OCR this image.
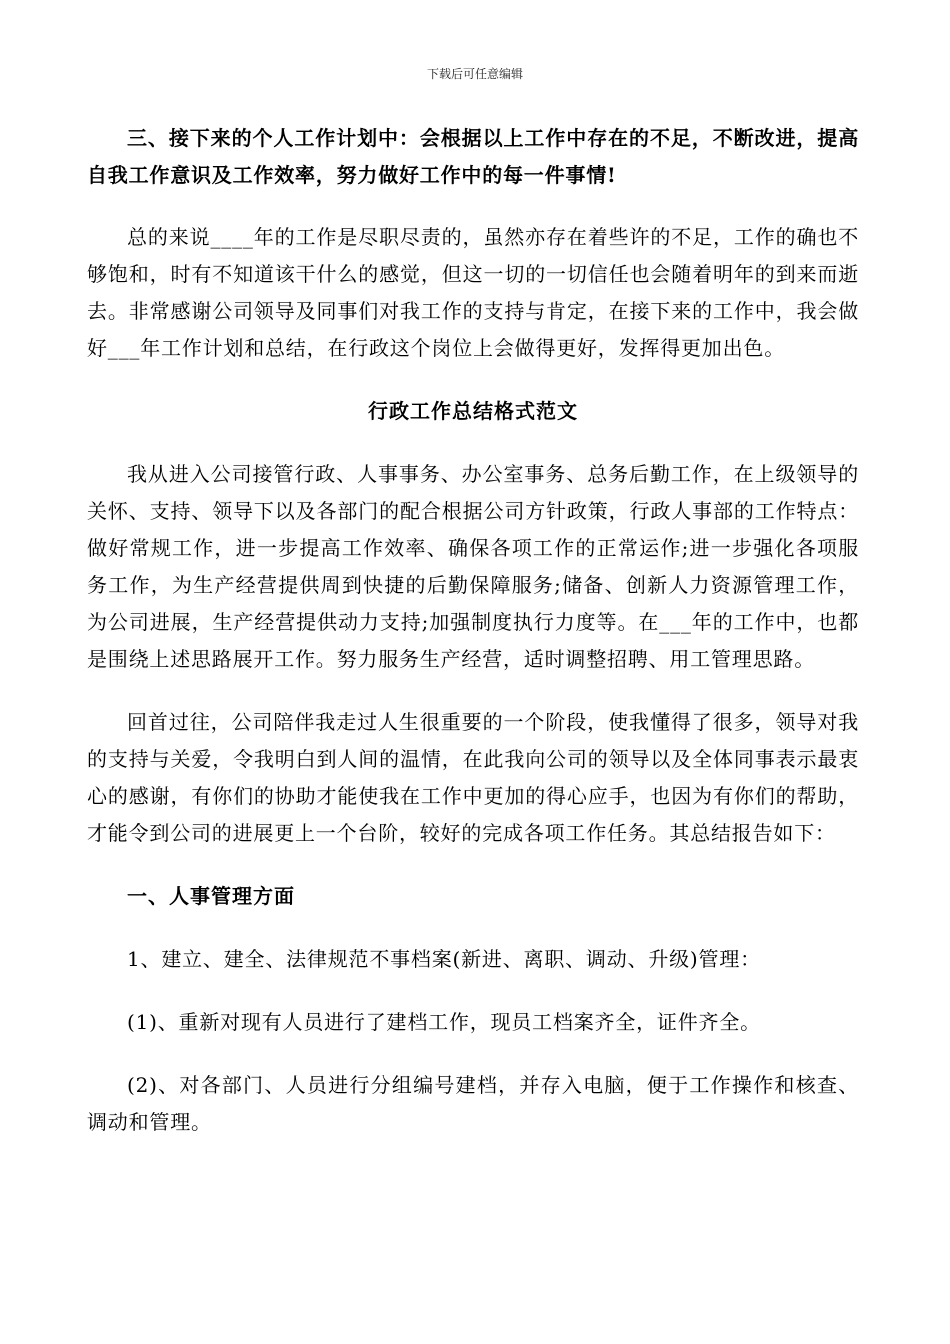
下载后可任意编辑

三、接下来的个人工作计划中：会根据以上工作中存在的不足，不断改进，提高自我工作意识及工作效率，努力做好工作中的每一件事情!

总的来说____年的工作是尽职尽责的，虽然亦存在着些许的不足，工作的确也不够饱和，时有不知道该干什么的感觉，但这一切的一切信任也会随着明年的到来而逝去。非常感谢公司领导及同事们对我工作的支持与肯定，在接下来的工作中，我会做好___年工作计划和总结，在行政这个岗位上会做得更好，发挥得更加出色。

行政工作总结格式范文

我从进入公司接管行政、人事事务、办公室事务、总务后勤工作，在上级领导的关怀、支持、领导下以及各部门的配合根据公司方针政策，行政人事部的工作特点：做好常规工作，进一步提高工作效率、确保各项工作的正常运作;进一步强化各项服务工作，为生产经营提供周到快捷的后勤保障服务;储备、创新人力资源管理工作，为公司进展，生产经营提供动力支持;加强制度执行力度等。在___年的工作中，也都是围绕上述思路展开工作。努力服务生产经营，适时调整招聘、用工管理思路。

回首过往，公司陪伴我走过人生很重要的一个阶段，使我懂得了很多，领导对我的支持与关爱，令我明白到人间的温情，在此我向公司的领导以及全体同事表示最衷心的感谢，有你们的协助才能使我在工作中更加的得心应手，也因为有你们的帮助，才能令到公司的进展更上一个台阶，较好的完成各项工作任务。其总结报告如下：

一、人事管理方面

1、建立、建全、法律规范不事档案(新进、离职、调动、升级)管理：

(1)、重新对现有人员进行了建档工作，现员工档案齐全，证件齐全。

(2)、对各部门、人员进行分组编号建档，并存入电脑，便于工作操作和核查、调动和管理。
